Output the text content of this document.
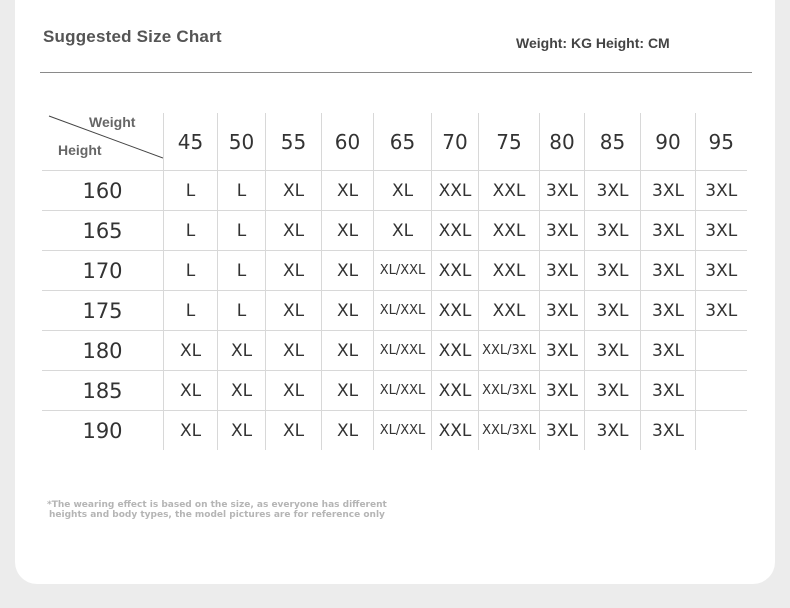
Suggested Size Chart	Weight: KG Height: CM
Weight
Height	45	50	55	60	65	70	75	80	85	90	95
160	L	L	XL	XL	XL	XXL	XXL	3XL	3XL	3XL	3XL
165	L	L	XL	XL	XL	XXL	XXL	3XL	3XL	3XL	3XL
170	L	L	XL	XL	XL/XXL	XXL	XXL	3XL	3XL	3XL	3XL
175	L	L	XL	XL	XL/XXL	XXL	XXL	3XL	3XL	3XL	3XL
180	XL	XL	XL	XL	XL/XXL	XXL	XXL/3XL	3XL	3XL	3XL	
185	XL	XL	XL	XL	XL/XXL	XXL	XXL/3XL	3XL	3XL	3XL	
190	XL	XL	XL	XL	XL/XXL	XXL	XXL/3XL	3XL	3XL	3XL	
*The wearing effect is based on the size, as everyone has different
heights and body types, the model pictures are for reference only
